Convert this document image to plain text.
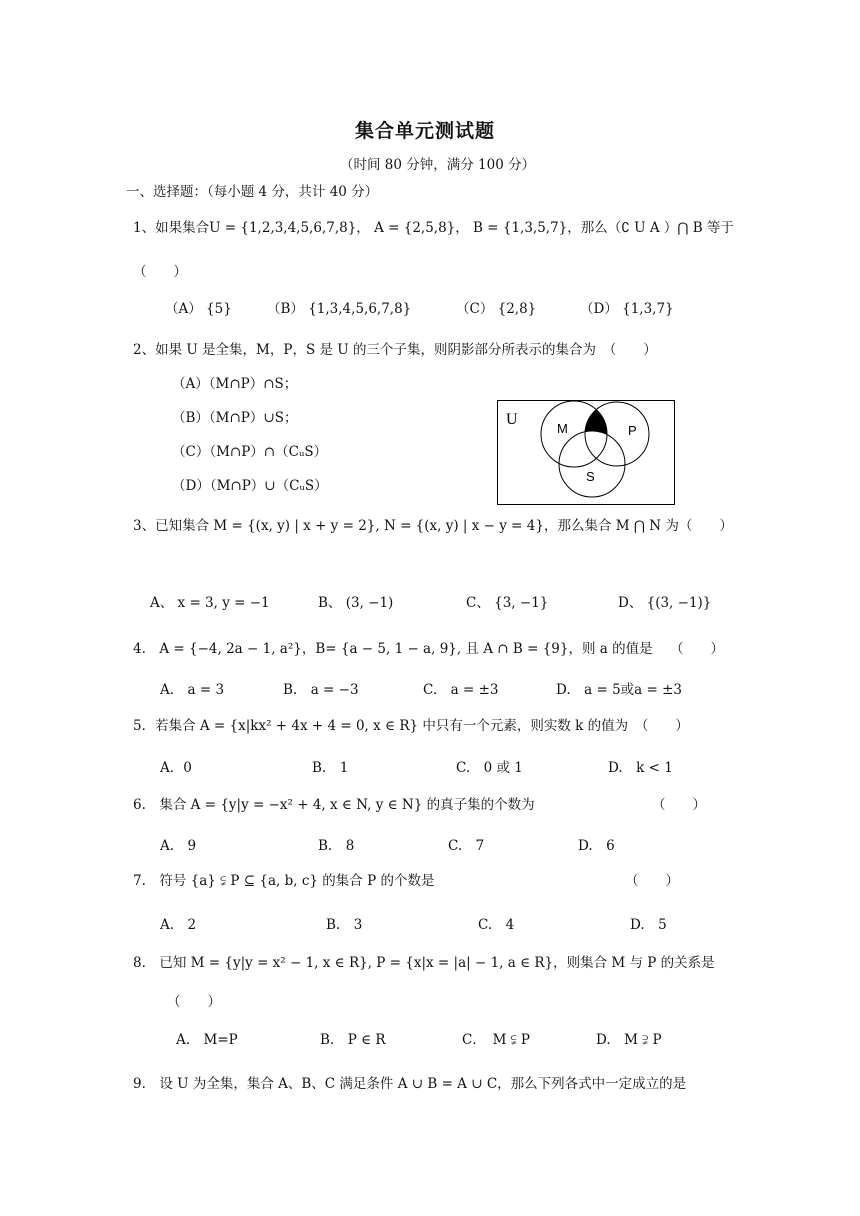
集合单元测试题
（时间 80 分钟，满分 100 分）
一、选择题：（每小题 4 分，共计 40 分）
1、如果集合U = {1,2,3,4,5,6,7,8}， A = {2,5,8}， B = {1,3,5,7}，那么（∁ U A ）⋂ B 等于
（　　）
（A） {5}	（B） {1,3,4,5,6,7,8}	（C） {2,8}	（D） {1,3,7}
2、如果 U 是全集，M，P，S 是 U 的三个子集，则阴影部分所表示的集合为　（　　）
（A）（M∩P）∩S；
（B）（M∩P）∪S；
（C）（M∩P）∩（CᵤS）
（D）（M∩P）∪（CᵤS）
U
M	P
S
3、已知集合 M = {(x, y) | x + y = 2}, N = {(x, y) | x − y = 4}，那么集合 M ⋂ N 为（　　）
A、 x = 3, y = −1	B、 (3, −1)	C、 {3, −1}	D、 {(3, −1)}
4.　A = {−4, 2a − 1, a²}，B= {a − 5, 1 − a, 9}, 且 A ∩ B = {9}，则 a 的值是 （　　）
A.　a = 3	B.　a = −3	C.　a = ±3	D.　a = 5或a = ±3
5．若集合 A = {x|kx² + 4x + 4 = 0, x ∈ R} 中只有一个元素，则实数 k 的值为　（　　）
A．0	B.　1	C.　0 或 1	D.　k < 1
6.　集合 A = {y|y = −x² + 4, x ∈ N, y ∈ N} 的真子集的个数为	（　　）
A.　9	B.　8	C.　7	D.　6
7.　符号 {a} ⫋ P ⊆ {a, b, c} 的集合 P 的个数是	（　　）
A.　2	B.　3	C.　4	D.　5
8.　已知 M = {y|y = x² − 1, x ∈ R}, P = {x|x = |a| − 1, a ∈ R}，则集合 M 与 P 的关系是
（　　）
A.　M=P	B.　P ∈ R	C．　M ⫋ P	D.　M ⫌ P
9.　设 U 为全集，集合 A、B、C 满足条件 A ∪ B = A ∪ C，那么下列各式中一定成立的是
